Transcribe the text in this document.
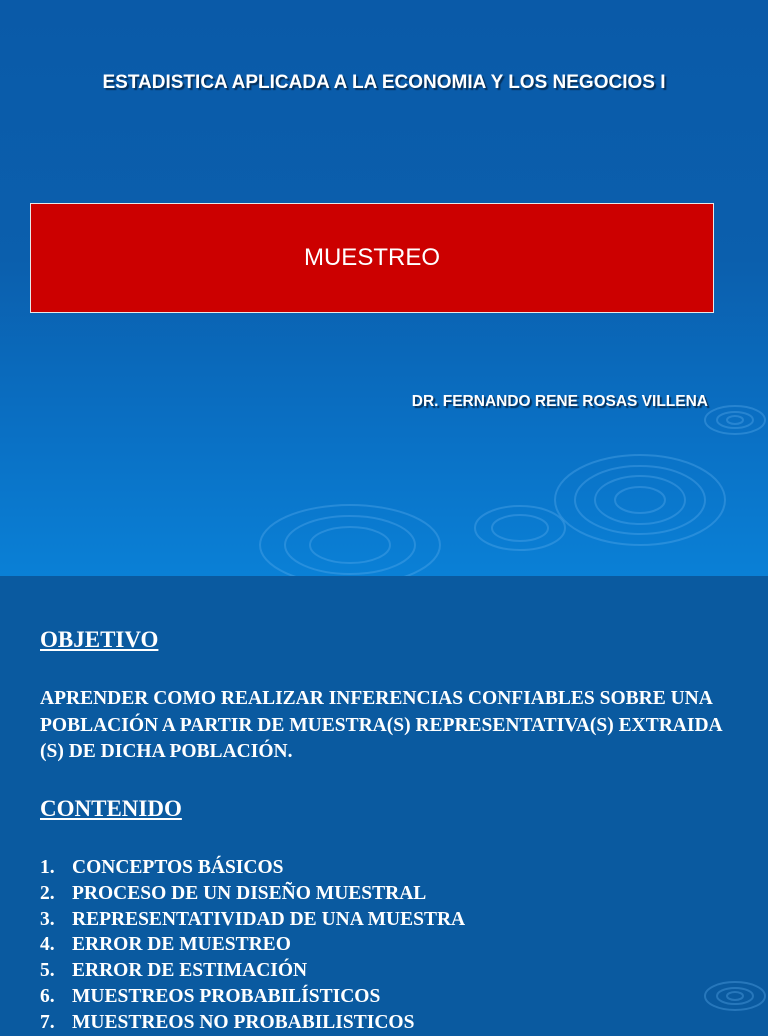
ESTADISTICA APLICADA A LA ECONOMIA Y LOS NEGOCIOS I
MUESTREO
DR. FERNANDO RENE ROSAS VILLENA
OBJETIVO
APRENDER COMO REALIZAR INFERENCIAS CONFIABLES SOBRE UNA POBLACIÓN A PARTIR DE MUESTRA(S) REPRESENTATIVA(S) EXTRAIDA (S) DE DICHA POBLACIÓN.
CONTENIDO
1. CONCEPTOS BÁSICOS
2. PROCESO DE UN DISEÑO MUESTRAL
3. REPRESENTATIVIDAD DE UNA MUESTRA
4. ERROR DE MUESTREO
5. ERROR DE ESTIMACIÓN
6. MUESTREOS PROBABILÍSTICOS
7. MUESTREOS NO PROBABILISTICOS
